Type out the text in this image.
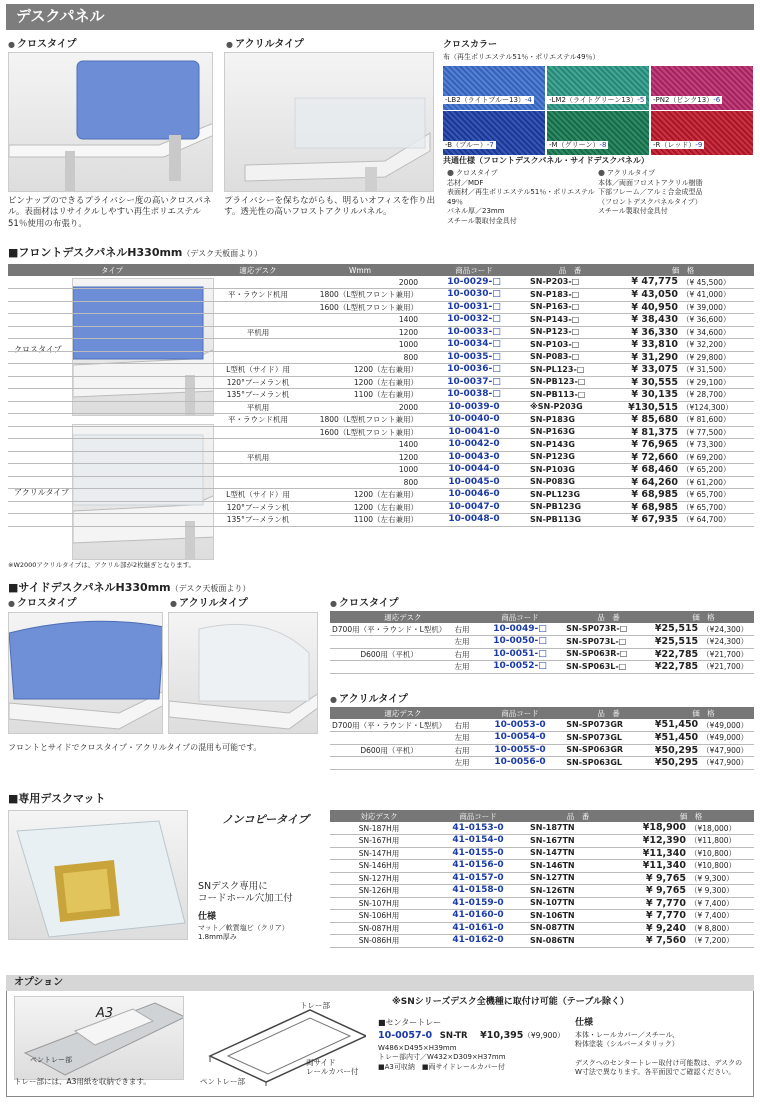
デスクパネル
● クロスタイプ	● アクリルタイプ
ピンナップのできるプライバシー度の高いクロスパネル。表面材はリサイクルしやすい再生ポリエステル51％使用の布張り。
プライバシーを保ちながらも、明るいオフィスを作り出す。透光性の高いフロストアクリルパネル。
クロスカラー
布（再生ポリエステル51％・ポリエステル49％）
-LB2（ライトブルー13）-4 -LM2（ライトグリーン13）-5 -PN2（ピンク13）-6
-B（ブルー）-7	-M（グリーン）-8	-R（レッド）-9
共通仕様（フロントデスクパネル・サイドデスクパネル）
● クロスタイプ
芯材／MDF
表面材／再生ポリエステル51％・ポリエステル49％
パネル厚／23mm
スチール製取付金具付
● アクリルタイプ
本体／両面フロストアクリル樹脂
下部フレーム／アルミ合金成型品
（フロントデスクパネルタイプ）
スチール製取付金具付
■フロントデスクパネルH330mm（デスク天板面より）
クロスタイプ
アクリルタイプ
タイプ	適応デスク	Wmm	商品コード	品　番	価　格	
		2000	10-0029-□	SN-P203-□	¥ 47,775	（¥ 45,500）
	平・ラウンド机用	1800（L型机フロント兼用）	10-0030-□	SN-P183-□	¥ 43,050	（¥ 41,000）
		1600（L型机フロント兼用）	10-0031-□	SN-P163-□	¥ 40,950	（¥ 39,000）
		1400	10-0032-□	SN-P143-□	¥ 38,430	（¥ 36,600）
	平机用	1200	10-0033-□	SN-P123-□	¥ 36,330	（¥ 34,600）
		1000	10-0034-□	SN-P103-□	¥ 33,810	（¥ 32,200）
		800	10-0035-□	SN-P083-□	¥ 31,290	（¥ 29,800）
	L型机（サイド）用	1200（左右兼用）	10-0036-□	SN-PL123-□	¥ 33,075	（¥ 31,500）
	120°ブーメラン机	1200（左右兼用）	10-0037-□	SN-PB123-□	¥ 30,555	（¥ 29,100）
	135°ブーメラン机	1100（左右兼用）	10-0038-□	SN-PB113-□	¥ 30,135	（¥ 28,700）
	平机用	2000	10-0039-0	※SN-P203G	¥130,515	（¥124,300）
	平・ラウンド机用	1800（L型机フロント兼用）	10-0040-0	SN-P183G	¥ 85,680	（¥ 81,600）
		1600（L型机フロント兼用）	10-0041-0	SN-P163G	¥ 81,375	（¥ 77,500）
		1400	10-0042-0	SN-P143G	¥ 76,965	（¥ 73,300）
	平机用	1200	10-0043-0	SN-P123G	¥ 72,660	（¥ 69,200）
		1000	10-0044-0	SN-P103G	¥ 68,460	（¥ 65,200）
		800	10-0045-0	SN-P083G	¥ 64,260	（¥ 61,200）
	L型机（サイド）用	1200（左右兼用）	10-0046-0	SN-PL123G	¥ 68,985	（¥ 65,700）
	120°ブーメラン机	1200（左右兼用）	10-0047-0	SN-PB123G	¥ 68,985	（¥ 65,700）
	135°ブーメラン机	1100（左右兼用）	10-0048-0	SN-PB113G	¥ 67,935	（¥ 64,700）
※W2000アクリルタイプは、アクリル部が2枚継ぎとなります。
■サイドデスクパネルH330mm（デスク天板面より）
● クロスタイプ	● アクリルタイプ
フロントとサイドでクロスタイプ・アクリルタイプの混用も可能です。
● クロスタイプ
適応デスク		商品コード	品　番	価　格	
D700用（平・ラウンド・L型机）	右用	10-0049-□	SN-SP073R-□	¥25,515	（¥24,300）
	左用	10-0050-□	SN-SP073L-□	¥25,515	（¥24,300）
D600用（平机）	右用	10-0051-□	SN-SP063R-□	¥22,785	（¥21,700）
	左用	10-0052-□	SN-SP063L-□	¥22,785	（¥21,700）
● アクリルタイプ
適応デスク		商品コード	品　番	価　格	
D700用（平・ラウンド・L型机）	右用	10-0053-0	SN-SP073GR	¥51,450	（¥49,000）
	左用	10-0054-0	SN-SP073GL	¥51,450	（¥49,000）
D600用（平机）	右用	10-0055-0	SN-SP063GR	¥50,295	（¥47,900）
	左用	10-0056-0	SN-SP063GL	¥50,295	（¥47,900）
■専用デスクマット
ノンコピータイプ
SNデスク専用に
コードホール穴加工付
仕様
マット／軟質塩ビ（クリア）
1.8mm厚み
対応デスク	商品コード	品　番	価　格	
SN-187H用	41-0153-0	SN-187TN	¥18,900	（¥18,000）
SN-167H用	41-0154-0	SN-167TN	¥12,390	（¥11,800）
SN-147H用	41-0155-0	SN-147TN	¥11,340	（¥10,800）
SN-146H用	41-0156-0	SN-146TN	¥11,340	（¥10,800）
SN-127H用	41-0157-0	SN-127TN	¥ 9,765	（¥ 9,300）
SN-126H用	41-0158-0	SN-126TN	¥ 9,765	（¥ 9,300）
SN-107H用	41-0159-0	SN-107TN	¥ 7,770	（¥ 7,400）
SN-106H用	41-0160-0	SN-106TN	¥ 7,770	（¥ 7,400）
SN-087H用	41-0161-0	SN-087TN	¥ 9,240	（¥ 8,800）
SN-086H用	41-0162-0	SN-086TN	¥ 7,560	（¥ 7,200）
オプション
A3
ペントレー部
トレー部には、A3用紙を収納できます。
トレー部
ペントレー部
両サイド
レールカバー付
※SNシリーズデスク全機種に取付け可能（テーブル除く）
■センタートレー
10-0057-0 SN-TR ¥10,395（¥9,900）
W486×D495×H39mm
トレー部内寸／W432×D309×H37mm
■A3可収納　■両サイドレールカバー付
仕様
本体・レールカバー／スチール、
粉体塗装（シルバーメタリック）
デスクへのセンタートレー取付け可能数は、デスクのW寸法で異なります。各平面図でご確認ください。
